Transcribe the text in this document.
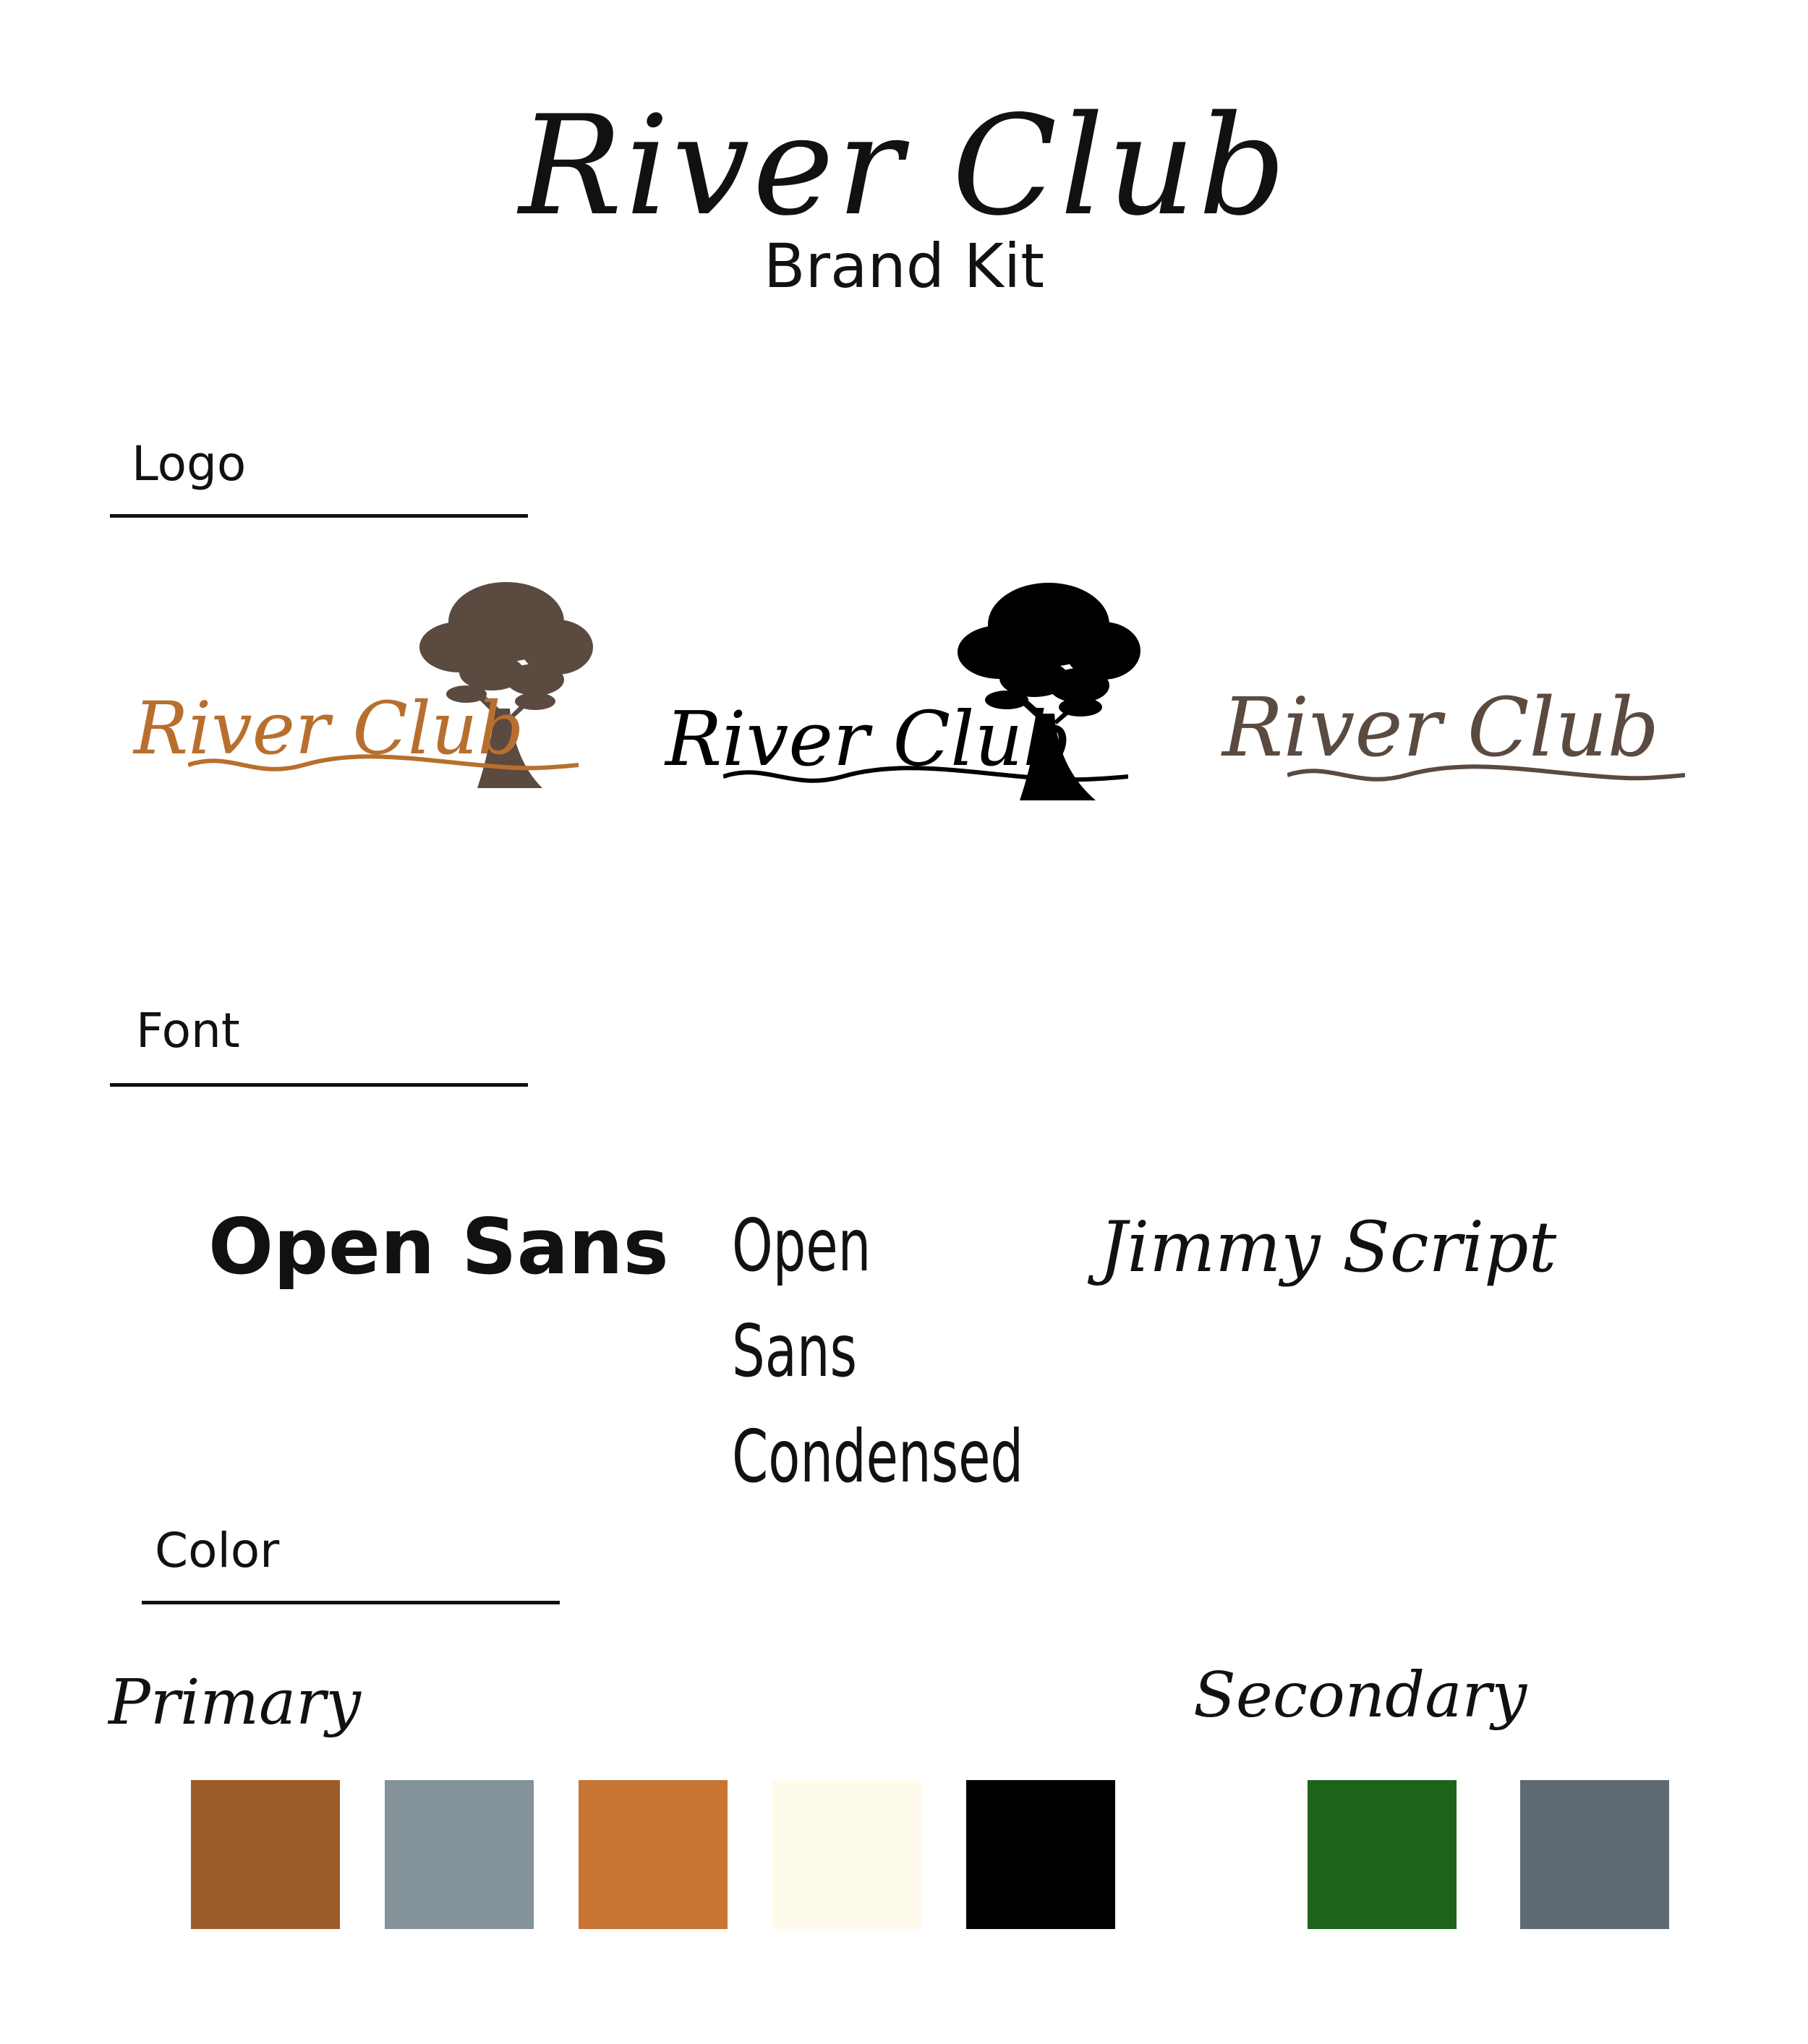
River Club
Brand Kit
Logo
River Club River Club River Club
Font
Open Sans Open Sans
Condensed
Jimmy Script
Color
Primary	Secondary
